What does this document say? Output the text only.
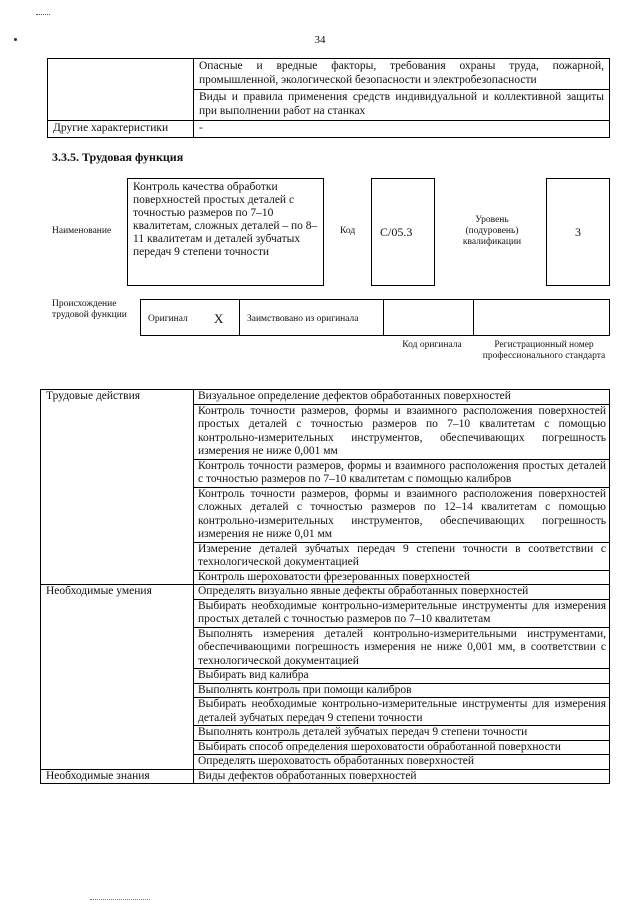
34
	Опасные и вредные факторы, требования охраны труда, пожарной, промышленной, экологической безопасности и электробезопасности
	Виды и правила применения средств индивидуальной и коллективной защиты при выполнении работ на станках
Другие характеристики	-
3.3.5. Трудовая функция
Наименование
Контроль качества обработки поверхностей простых деталей с точностью размеров по 7–10 квалитетам, сложных деталей – по 8–11 квалитетам и деталей зубчатых передач 9 степени точности
Код	С/05.3
Уровень (подуровень) квалификации
3
Происхождение трудовой функции	Оригинал X Заимствовано из оригинала
Код оригинала	Регистрационный номер профессионального стандарта
Трудовые действия	Визуальное определение дефектов обработанных поверхностей
	Контроль точности размеров, формы и взаимного расположения поверхностей простых деталей с точностью размеров по 7–10 квалитетам с помощью контрольно-измерительных инструментов, обеспечивающих погрешность измерения не ниже 0,001 мм
	Контроль точности размеров, формы и взаимного расположения простых деталей с точностью размеров по 7–10 квалитетам с помощью калибров
	Контроль точности размеров, формы и взаимного расположения поверхностей сложных деталей с точностью размеров по 12–14 квалитетам с помощью контрольно-измерительных инструментов, обеспечивающих погрешность измерения не ниже 0,01 мм
	Измерение деталей зубчатых передач 9 степени точности в соответствии с технологической документацией
	Контроль шероховатости фрезерованных поверхностей
Необходимые умения	Определять визуально явные дефекты обработанных поверхностей
	Выбирать необходимые контрольно-измерительные инструменты для измерения простых деталей с точностью размеров по 7–10 квалитетам
	Выполнять измерения деталей контрольно-измерительными инструментами, обеспечивающими погрешность измерения не ниже 0,001 мм, в соответствии с технологической документацией
	Выбирать вид калибра
	Выполнять контроль при помощи калибров
	Выбирать необходимые контрольно-измерительные инструменты для измерения деталей зубчатых передач 9 степени точности
	Выполнять контроль деталей зубчатых передач 9 степени точности
	Выбирать способ определения шероховатости обработанной поверхности
	Определять шероховатость обработанных поверхностей
Необходимые знания	Виды дефектов обработанных поверхностей
